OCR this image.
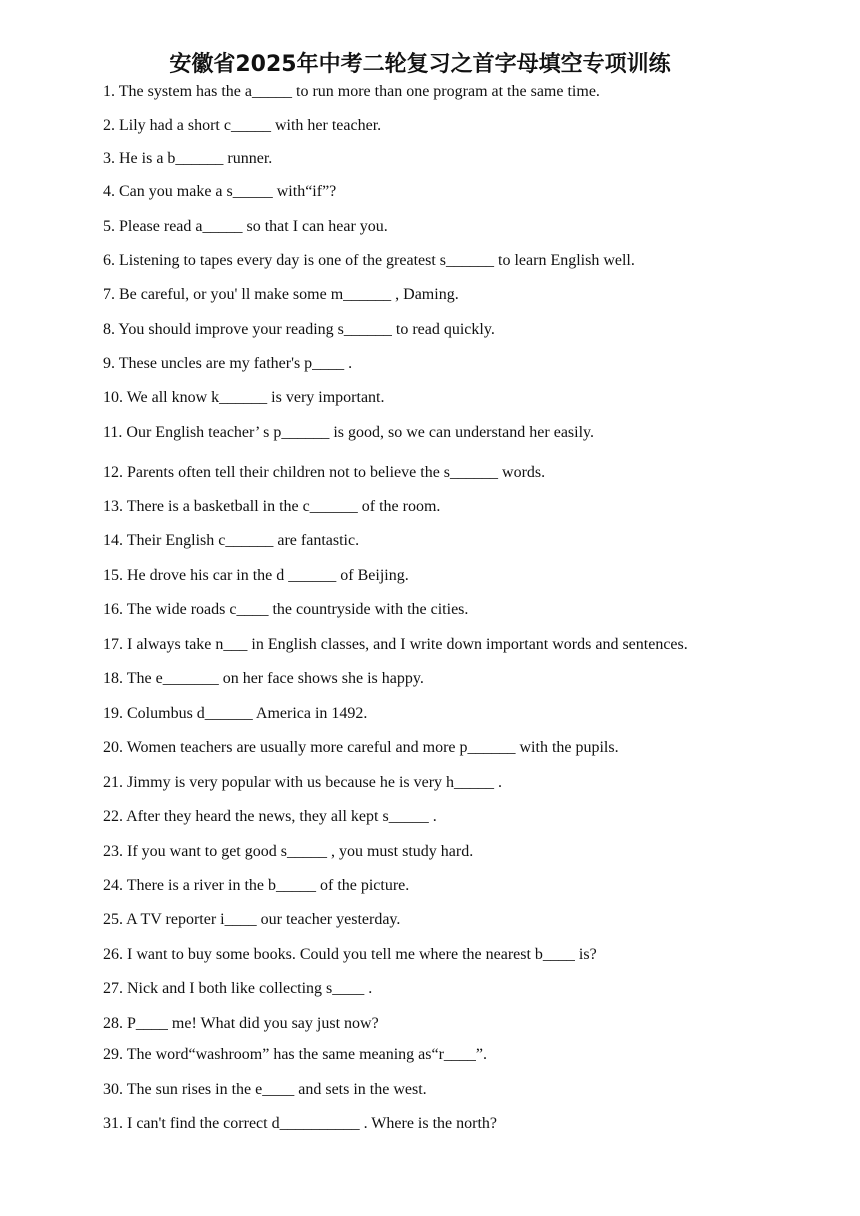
安徽省2025年中考二轮复习之首字母填空专项训练
1. The system has the a_____ to run more than one program at the same time.
2. Lily had a short c_____ with her teacher.
3. He is a b______ runner.
4. Can you make a s_____ with“if”?
5. Please read a_____ so that I can hear you.
6. Listening to tapes every day is one of the greatest s______ to learn English well.
7. Be careful, or you' ll make some m______ , Daming.
8. You should improve your reading s______ to read quickly.
9. These uncles are my father's p____ .
10. We all know k______ is very important.
11. Our English teacher’ s p______ is good, so we can understand her easily.
12. Parents often tell their children not to believe the s______ words.
13. There is a basketball in the c______ of the room.
14. Their English c______ are fantastic.
15. He drove his car in the d ______ of Beijing.
16. The wide roads c____ the countryside with the cities.
17. I always take n___ in English classes, and I write down important words and sentences.
18. The e_______ on her face shows she is happy.
19. Columbus d______ America in 1492.
20. Women teachers are usually more careful and more p______ with the pupils.
21. Jimmy is very popular with us because he is very h_____ .
22. After they heard the news, they all kept s_____ .
23. If you want to get good s_____ , you must study hard.
24. There is a river in the b_____ of the picture.
25. A TV reporter i____ our teacher yesterday.
26. I want to buy some books. Could you tell me where the nearest b____ is?
27. Nick and I both like collecting s____ .
28. P____ me! What did you say just now?
29. The word“washroom” has the same meaning as“r____”.
30. The sun rises in the e____ and sets in the west.
31. I can't find the correct d__________ . Where is the north?
